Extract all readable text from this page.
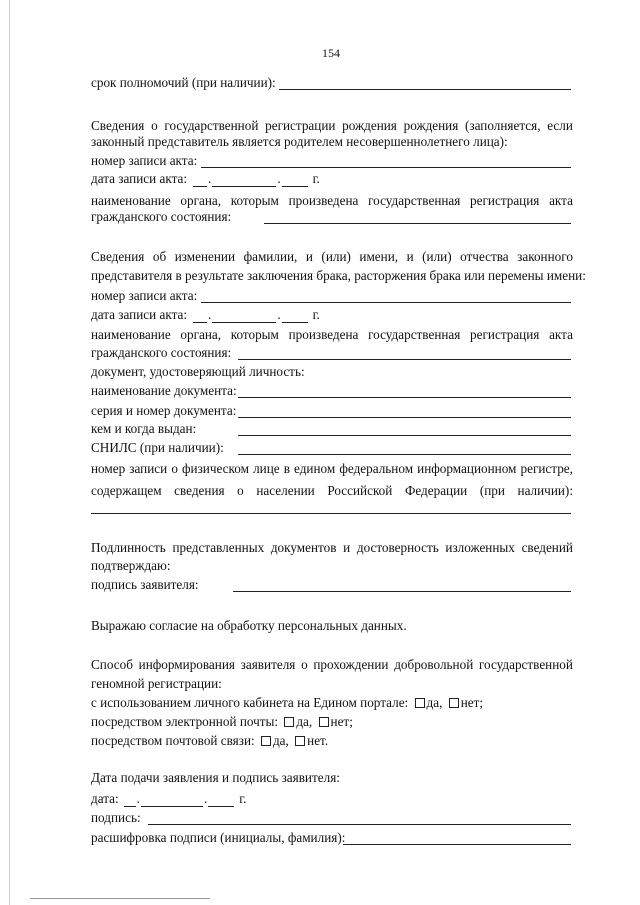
154
срок полномочий (при наличии):
Сведения о государственной регистрации рождения рождения (заполняется, если
законный представитель является родителем несовершеннолетнего лица):
номер записи акта:
дата записи акта: .	. г.
наименование органа, которым произведена государственная регистрация акта
гражданского состояния:
Сведения об изменении фамилии, и (или) имени, и (или) отчества законного
представителя в результате заключения брака, расторжения брака или перемены имени:
номер записи акта:
дата записи акта: .	. г.
наименование органа, которым произведена государственная регистрация акта
гражданского состояния:
документ, удостоверяющий личность:
наименование документа:
серия и номер документа:
кем и когда выдан:
СНИЛС (при наличии):
номер записи о физическом лице в едином федеральном информационном регистре,
содержащем сведения о населении Российской Федерации (при наличии):
Подлинность представленных документов и достоверность изложенных сведений
подтверждаю:
подпись заявителя:
Выражаю согласие на обработку персональных данных.
Способ информирования заявителя о прохождении добровольной государственной
геномной регистрации:
с использованием личного кабинета на Едином портале: да, нет;
посредством электронной почты: да, нет;
посредством почтовой связи: да, нет.
Дата подачи заявления и подпись заявителя:
дата: .	. г.
подпись:
расшифровка подписи (инициалы, фамилия):
